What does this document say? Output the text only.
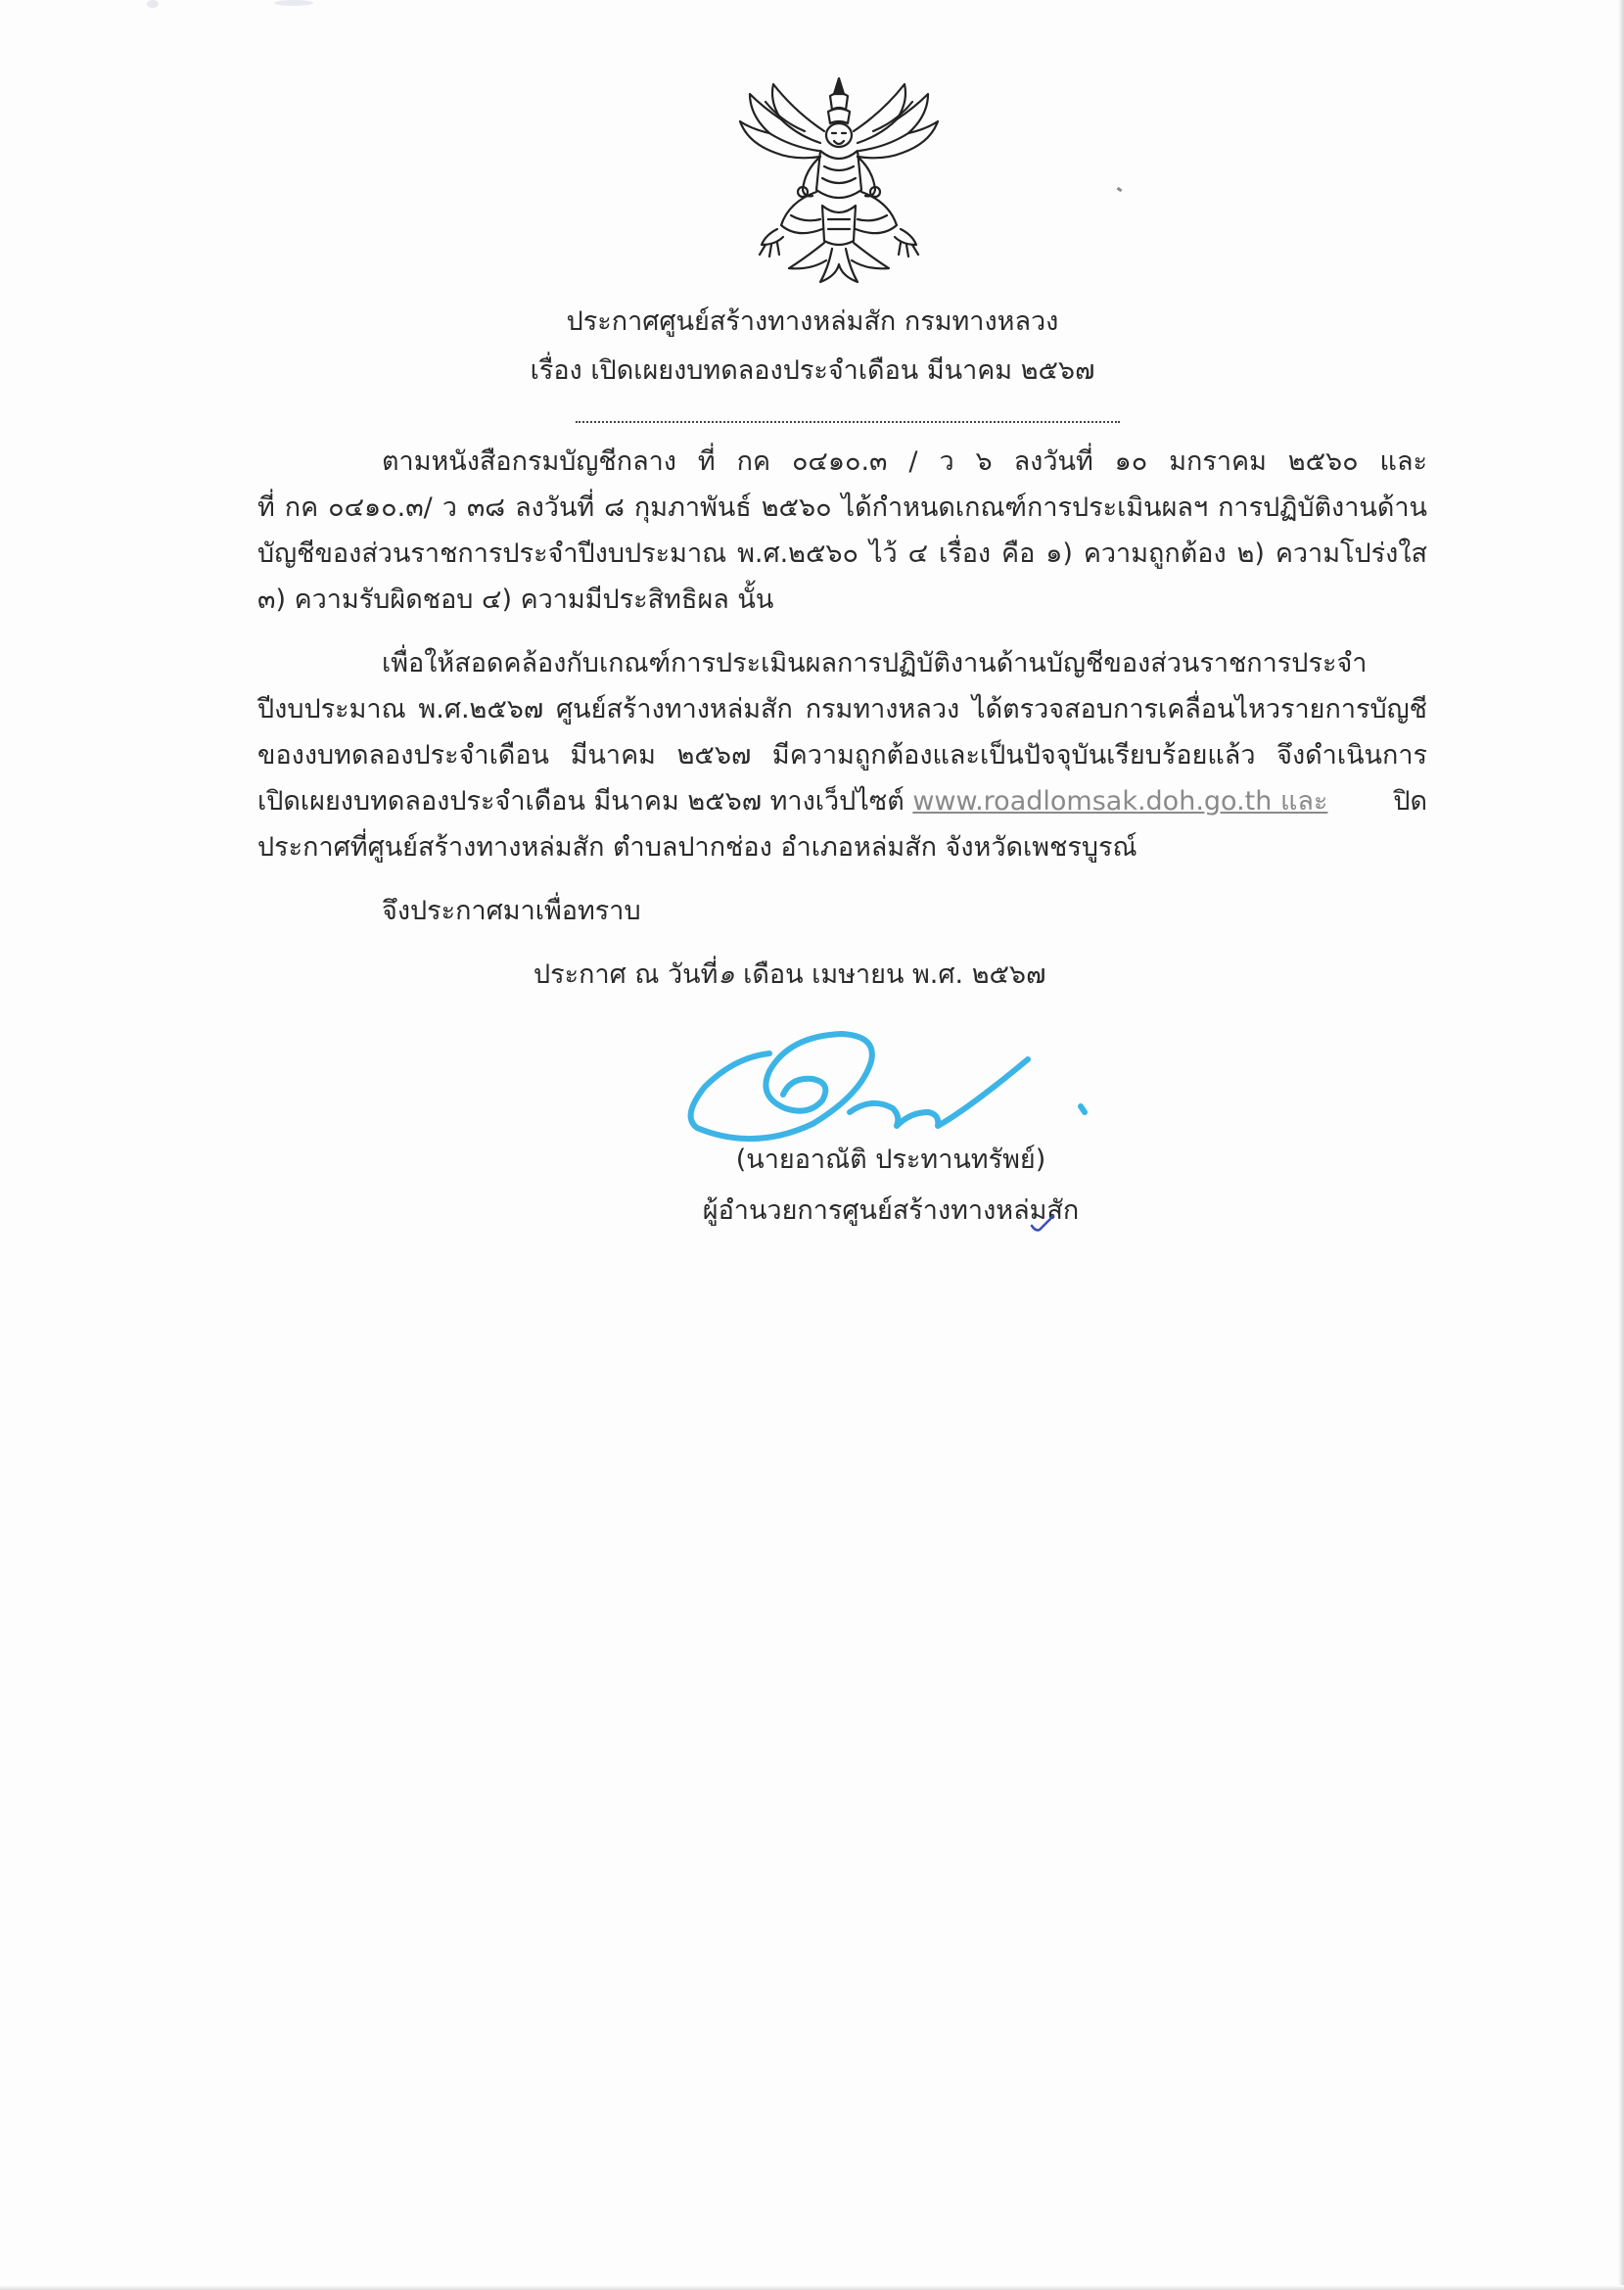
ประกาศศูนย์สร้างทางหล่มสัก กรมทางหลวง
เรื่อง เปิดเผยงบทดลองประจำเดือน มีนาคม ๒๕๖๗
ตามหนังสือกรมบัญชีกลาง ที่ กค ๐๔๑๐.๓ / ว ๖ ลงวันที่ ๑๐ มกราคม ๒๕๖๐ และ
ที่ กค ๐๔๑๐.๓/ ว ๓๘ ลงวันที่ ๘ กุมภาพันธ์ ๒๕๖๐ ได้กำหนดเกณฑ์การประเมินผลฯ การปฏิบัติงานด้าน
บัญชีของส่วนราชการประจำปีงบประมาณ พ.ศ.๒๕๖๐ ไว้ ๔ เรื่อง คือ ๑) ความถูกต้อง ๒) ความโปร่งใส
๓) ความรับผิดชอบ ๔) ความมีประสิทธิผล นั้น
เพื่อให้สอดคล้องกับเกณฑ์การประเมินผลการปฏิบัติงานด้านบัญชีของส่วนราชการประจำ
ปีงบประมาณ พ.ศ.๒๕๖๗ ศูนย์สร้างทางหล่มสัก กรมทางหลวง ได้ตรวจสอบการเคลื่อนไหวรายการบัญชี
ของงบทดลองประจำเดือน มีนาคม ๒๕๖๗ มีความถูกต้องและเป็นปัจจุบันเรียบร้อยแล้ว จึงดำเนินการ
เปิดเผยงบทดลองประจำเดือน มีนาคม ๒๕๖๗ ทางเว็ปไซต์ www.roadlomsak.doh.go.th และ ปิด
ประกาศที่ศูนย์สร้างทางหล่มสัก ตำบลปากช่อง อำเภอหล่มสัก จังหวัดเพชรบูรณ์
จึงประกาศมาเพื่อทราบ
ประกาศ ณ วันที่๑ เดือน เมษายน พ.ศ. ๒๕๖๗
(นายอาณัติ ประทานทรัพย์)
ผู้อำนวยการศูนย์สร้างทางหล่มสัก
